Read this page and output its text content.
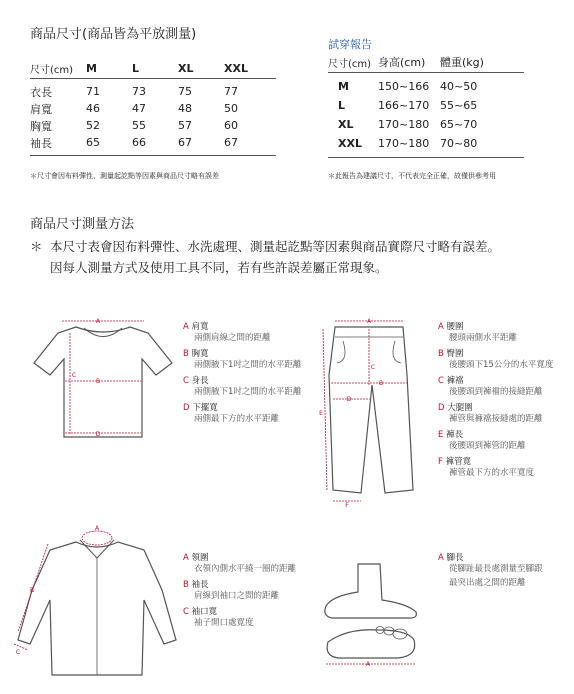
商品尺寸(商品皆為平放測量)
尺寸(cm)	M	L	XL	XXL
衣長	71	73	75	77
肩寬	46	47	48	50
胸寬	52	55	57	60
袖長	65	66	67	67
＊尺寸會因布料彈性、測量起訖點等因素與商品尺寸略有誤差
試穿報告
尺寸(cm)	身高(cm)	體重(kg)
M	150~166	40~50
L	166~170	55~65
XL	170~180	65~70
XXL	170~180	70~80
＊此報告為建議尺寸，不代表完全正確，故僅供參考用
商品尺寸測量方法
＊ 本尺寸表會因布料彈性、水洗處理、測量起訖點等因素與商品實際尺寸略有誤差。
因每人測量方式及使用工具不同，若有些許誤差屬正常現象。
A
B
C
D
A 肩寬
兩側肩線之間的距離
B 胸寬
兩側腋下1吋之間的水平距離
C 身長
兩側腋下1吋之間的水平距離
D 下擺寬
兩側最下方的水平距離
A
B
C
D
E
F
A 腰圍
腰頭兩側水平距離
B 臀圍
後腰頭下15公分的水平寬度
C 褲襠
後腰頭到褲襠的接縫距離
D 大腿圍
褲管與褲襠接縫處的距離
E 褲長
後腰頭到褲管的距離
F 褲管寬
褲管最下方的水平寬度
A
B
C
A 領圍
衣領內側水平繞一圈的距離
B 袖長
肩線到袖口之間的距離
C 袖口寬
袖子開口處寬度
A
A 腳長
從腳趾最長處測量至腳跟
最突出處之間的距離
